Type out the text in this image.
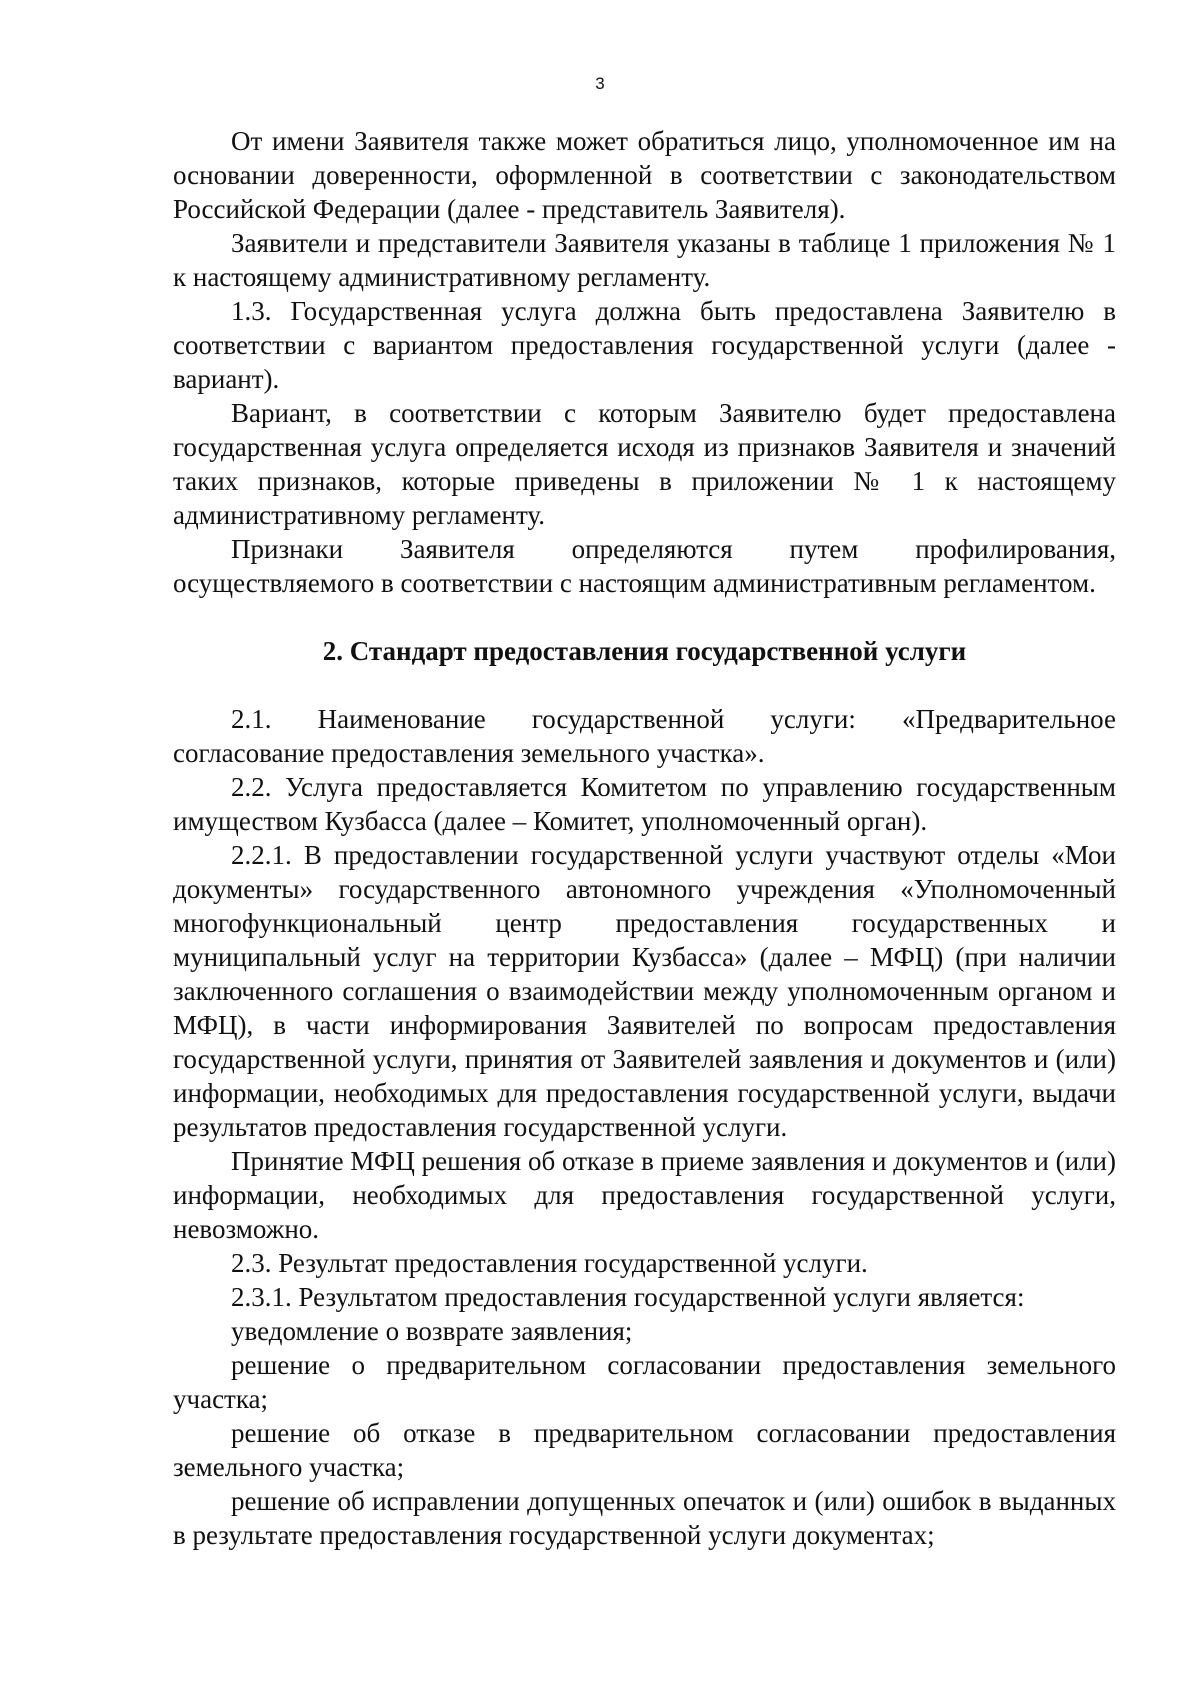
3

От имени Заявителя также может обратиться лицо, уполномоченное им на основании доверенности, оформленной в соответствии с законодательством Российской Федерации (далее - представитель Заявителя).

Заявители и представители Заявителя указаны в таблице 1 приложения № 1 к настоящему административному регламенту.

1.3. Государственная услуга должна быть предоставлена Заявителю в соответствии с вариантом предоставления государственной услуги (далее - вариант).

Вариант, в соответствии с которым Заявителю будет предоставлена государственная услуга определяется исходя из признаков Заявителя и значений таких признаков, которые приведены в приложении № 1 к настоящему административному регламенту.

Признаки Заявителя определяются путем профилирования, осуществляемого в соответствии с настоящим административным регламентом.

2. Стандарт предоставления государственной услуги

2.1. Наименование государственной услуги: «Предварительное согласование предоставления земельного участка».

2.2. Услуга предоставляется Комитетом по управлению государственным имуществом Кузбасса (далее – Комитет, уполномоченный орган).

2.2.1. В предоставлении государственной услуги участвуют отделы «Мои документы» государственного автономного учреждения «Уполномоченный многофункциональный центр предоставления государственных и муниципальный услуг на территории Кузбасса» (далее – МФЦ) (при наличии заключенного соглашения о взаимодействии между уполномоченным органом и МФЦ), в части информирования Заявителей по вопросам предоставления государственной услуги, принятия от Заявителей заявления и документов и (или) информации, необходимых для предоставления государственной услуги, выдачи результатов предоставления государственной услуги.

Принятие МФЦ решения об отказе в приеме заявления и документов и (или) информации, необходимых для предоставления государственной услуги, невозможно.

2.3. Результат предоставления государственной услуги.

2.3.1. Результатом предоставления государственной услуги является:

уведомление о возврате заявления;

решение о предварительном согласовании предоставления земельного участка;

решение об отказе в предварительном согласовании предоставления земельного участка;

решение об исправлении допущенных опечаток и (или) ошибок в выданных в результате предоставления государственной услуги документах;
